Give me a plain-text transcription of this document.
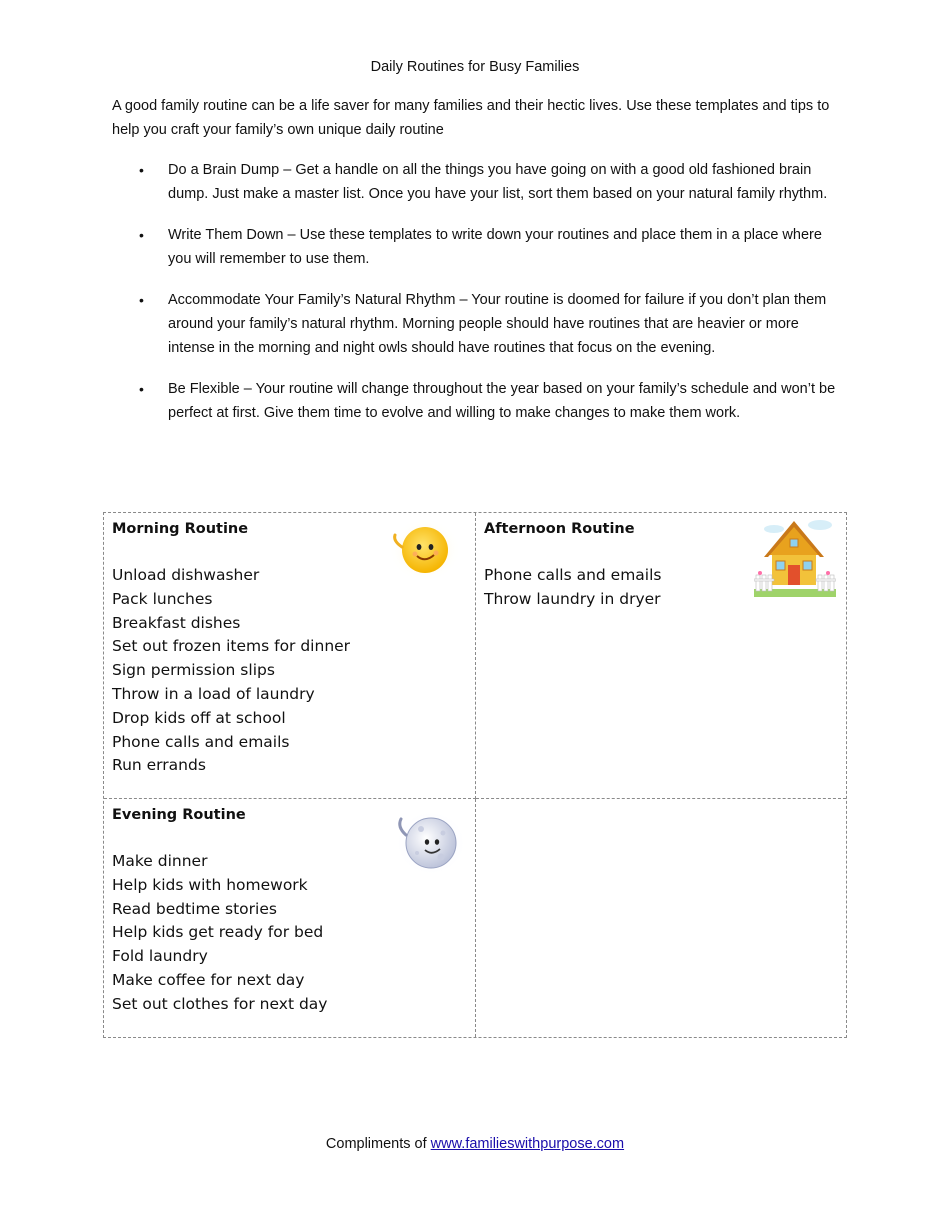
Daily Routines for Busy Families

A good family routine can be a life saver for many families and their hectic lives. Use these templates and tips to help you craft your family’s own unique daily routine

• Do a Brain Dump – Get a handle on all the things you have going on with a good old fashioned brain dump. Just make a master list. Once you have your list, sort them based on your natural family rhythm.
• Write Them Down – Use these templates to write down your routines and place them in a place where you will remember to use them.
• Accommodate Your Family’s Natural Rhythm – Your routine is doomed for failure if you don’t plan them around your family’s natural rhythm. Morning people should have routines that are heavier or more intense in the morning and night owls should have routines that focus on the evening.
• Be Flexible – Your routine will change throughout the year based on your family’s schedule and won’t be perfect at first. Give them time to evolve and willing to make changes to make them work.
Morning Routine
Unload dishwasher
Pack lunches
Breakfast dishes
Set out frozen items for dinner
Sign permission slips
Throw in a load of laundry
Drop kids off at school
Phone calls and emails
Run errands
Afternoon Routine
Phone calls and emails
Throw laundry in dryer
Evening Routine
Make dinner
Help kids with homework
Read bedtime stories
Help kids get ready for bed
Fold laundry
Make coffee for next day
Set out clothes for next day
Compliments of www.familieswithpurpose.com
